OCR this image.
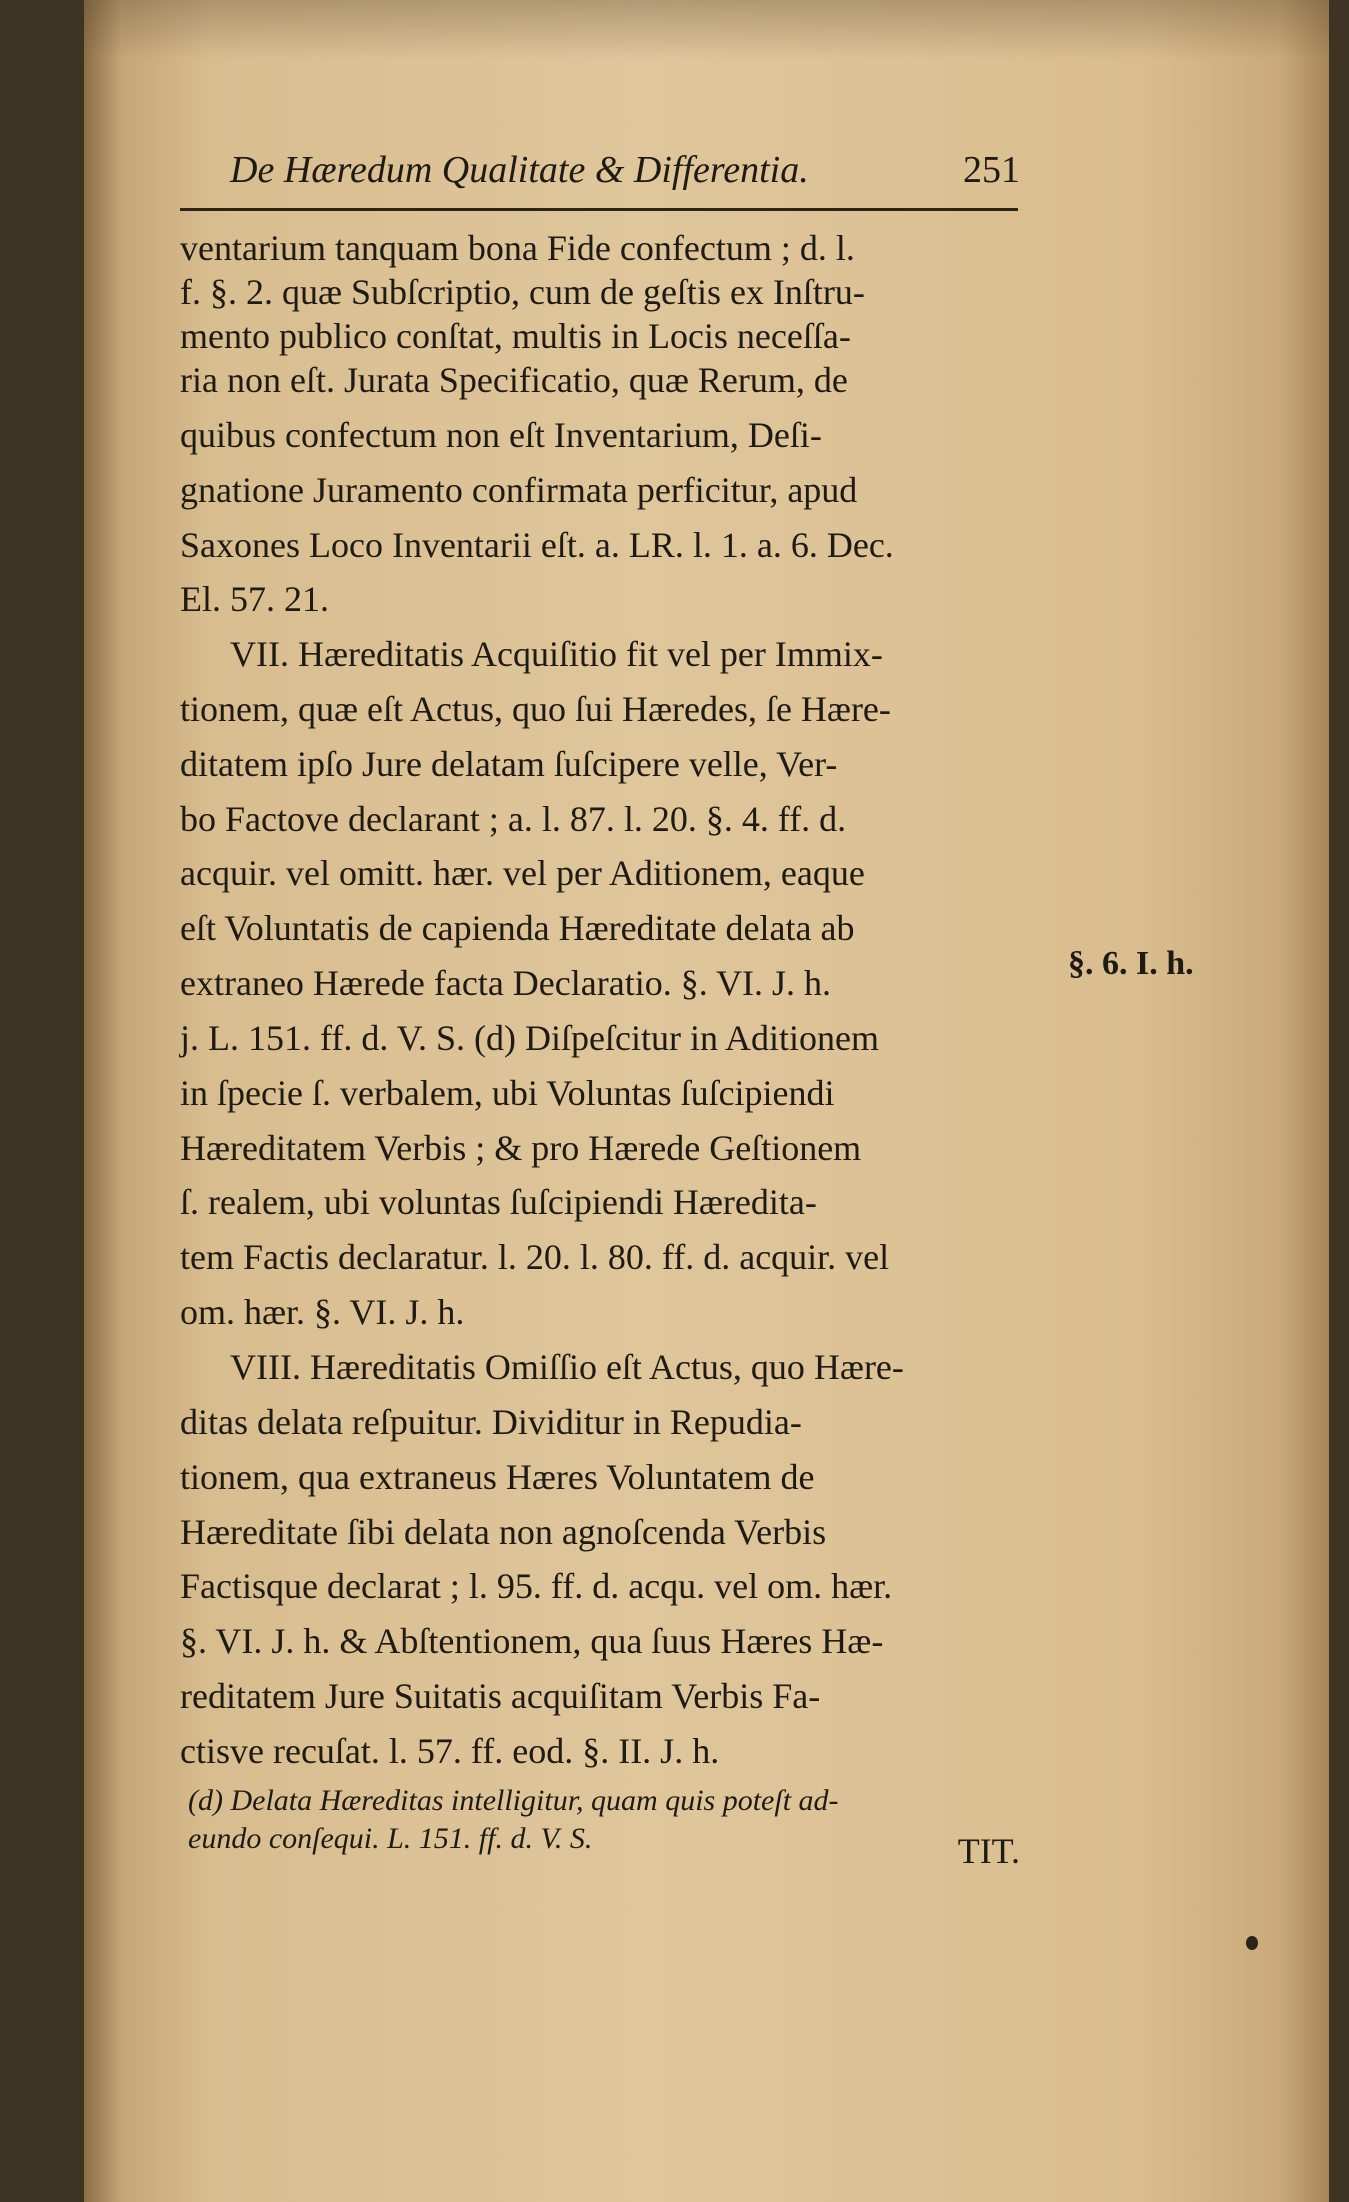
De Hæredum Qualitate & Differentia.	251
ventarium tanquam bona Fide confectum ; d. l.
f. §. 2. quæ Subſcriptio, cum de geſtis ex Inſtru-
mento publico conſtat, multis in Locis neceſſa-
ria non eſt. Jurata Specificatio, quæ Rerum, de
quibus confectum non eſt Inventarium, Deſi-
gnatione Juramento confirmata perficitur, apud
Saxones Loco Inventarii eſt. a. LR. l. 1. a. 6. Dec.
El. 57. 21.
VII. Hæreditatis Acquiſitio fit vel per Immix-
tionem, quæ eſt Actus, quo ſui Hæredes, ſe Hære-
ditatem ipſo Jure delatam ſuſcipere velle, Ver-
bo Factove declarant ; a. l. 87. l. 20. §. 4. ff. d.
acquir. vel omitt. hær. vel per Aditionem, eaque
eſt Voluntatis de capienda Hæreditate delata ab
extraneo Hærede facta Declaratio. §. VI. J. h.
j. L. 151. ff. d. V. S. (d) Diſpeſcitur in Aditionem
in ſpecie ſ. verbalem, ubi Voluntas ſuſcipiendi
Hæreditatem Verbis ; & pro Hærede Geſtionem
ſ. realem, ubi voluntas ſuſcipiendi Hæredita-
tem Factis declaratur. l. 20. l. 80. ff. d. acquir. vel
om. hær. §. VI. J. h.
VIII. Hæreditatis Omiſſio eſt Actus, quo Hære-
ditas delata reſpuitur. Dividitur in Repudia-
tionem, qua extraneus Hæres Voluntatem de
Hæreditate ſibi delata non agnoſcenda Verbis
Factisque declarat ; l. 95. ff. d. acqu. vel om. hær.
§. VI. J. h. & Abſtentionem, qua ſuus Hæres Hæ-
reditatem Jure Suitatis acquiſitam Verbis Fa-
ctisve recuſat. l. 57. ff. eod. §. II. J. h.
§. 6. I. h.
(d) Delata Hæreditas intelligitur, quam quis poteſt ad-
eundo conſequi. L. 151. ff. d. V. S.	TIT.
